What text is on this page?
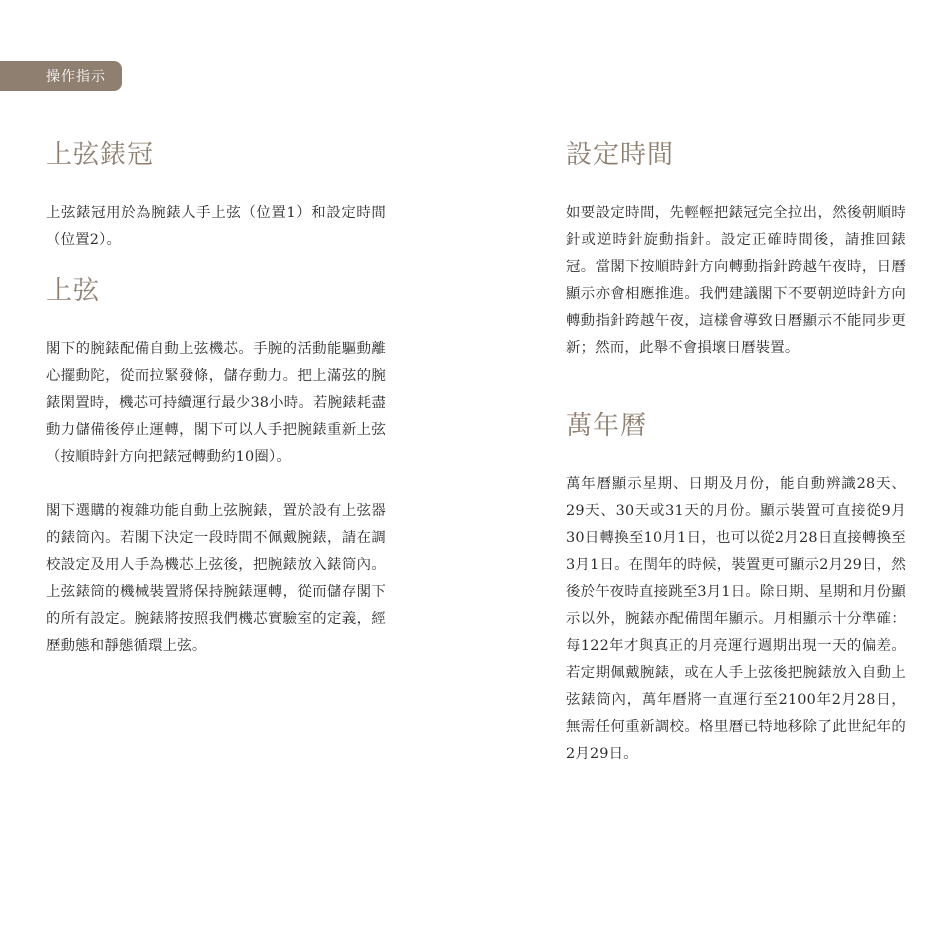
操作指示
上弦錶冠

上弦錶冠用於為腕錶人手上弦（位置1）和設定時間（位置2）。

上弦

閣下的腕錶配備自動上弦機芯。手腕的活動能驅動離心擺動陀，從而拉緊發條，儲存動力。把上滿弦的腕錶閑置時，機芯可持續運行最少38小時。若腕錶耗盡動力儲備後停止運轉，閣下可以人手把腕錶重新上弦（按順時針方向把錶冠轉動約10圈）。

閣下選購的複雜功能自動上弦腕錶，置於設有上弦器的錶筒內。若閣下決定一段時間不佩戴腕錶，請在調校設定及用人手為機芯上弦後，把腕錶放入錶筒內。上弦錶筒的機械裝置將保持腕錶運轉，從而儲存閣下的所有設定。腕錶將按照我們機芯實驗室的定義，經歷動態和靜態循環上弦。

設定時間

如要設定時間，先輕輕把錶冠完全拉出，然後朝順時針或逆時針旋動指針。設定正確時間後，請推回錶冠。當閣下按順時針方向轉動指針跨越午夜時，日曆顯示亦會相應推進。我們建議閣下不要朝逆時針方向轉動指針跨越午夜，這樣會導致日曆顯示不能同步更新；然而，此舉不會損壞日曆裝置。

萬年曆

萬年曆顯示星期、日期及月份，能自動辨識28天、29天、30天或31天的月份。顯示裝置可直接從9月30日轉換至10月1日，也可以從2月28日直接轉換至3月1日。在閏年的時候，裝置更可顯示2月29日，然後於午夜時直接跳至3月1日。除日期、星期和月份顯示以外，腕錶亦配備閏年顯示。月相顯示十分準確：每122年才與真正的月亮運行週期出現一天的偏差。若定期佩戴腕錶，或在人手上弦後把腕錶放入自動上弦錶筒內，萬年曆將一直運行至2100年2月28日，無需任何重新調校。格里曆已特地移除了此世紀年的2月29日。
